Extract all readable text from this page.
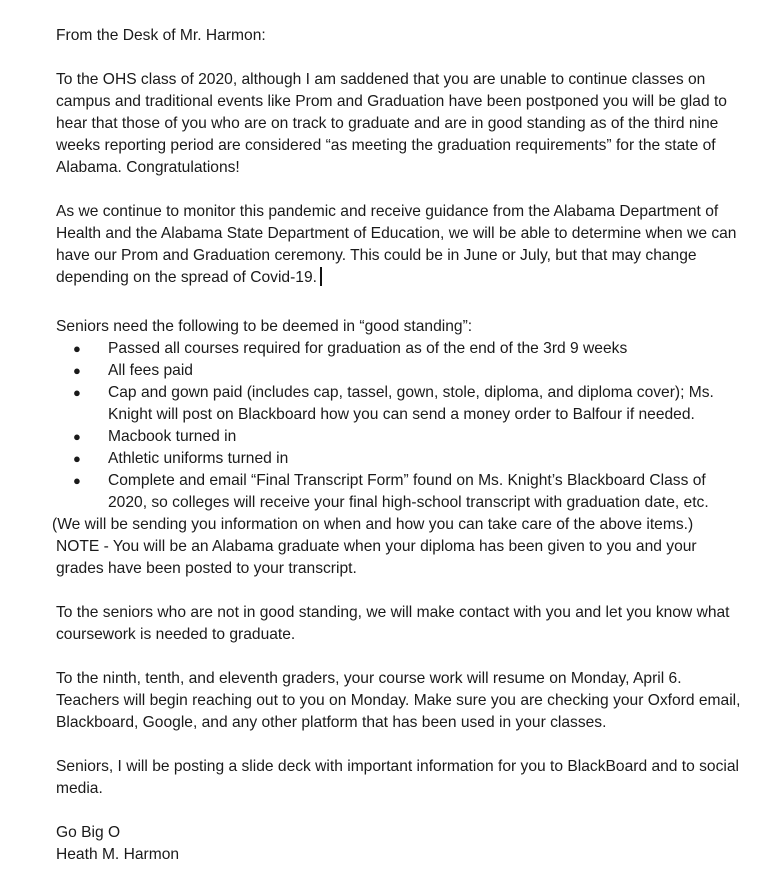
From the Desk of Mr. Harmon:

To the OHS class of 2020, although I am saddened that you are unable to continue classes on campus and traditional events like Prom and Graduation have been postponed you will be glad to hear that those of you who are on track to graduate and are in good standing as of the third nine weeks reporting period are considered “as meeting the graduation requirements” for the state of Alabama. Congratulations!

As we continue to monitor this pandemic and receive guidance from the Alabama Department of Health and the Alabama State Department of Education, we will be able to determine when we can have our Prom and Graduation ceremony. This could be in June or July, but that may change depending on the spread of Covid-19.

Seniors need the following to be deemed in “good standing”:

● Passed all courses required for graduation as of the end of the 3rd 9 weeks
● All fees paid
● Cap and gown paid (includes cap, tassel, gown, stole, diploma, and diploma cover); Ms. Knight will post on Blackboard how you can send a money order to Balfour if needed.
● Macbook turned in
● Athletic uniforms turned in
● Complete and email “Final Transcript Form” found on Ms. Knight’s Blackboard Class of 2020, so colleges will receive your final high-school transcript with graduation date, etc.

(We will be sending you information on when and how you can take care of the above items.)

NOTE - You will be an Alabama graduate when your diploma has been given to you and your grades have been posted to your transcript.

To the seniors who are not in good standing, we will make contact with you and let you know what coursework is needed to graduate.

To the ninth, tenth, and eleventh graders, your course work will resume on Monday, April 6. Teachers will begin reaching out to you on Monday. Make sure you are checking your Oxford email, Blackboard, Google, and any other platform that has been used in your classes.

Seniors, I will be posting a slide deck with important information for you to BlackBoard and to social media.

Go Big O

Heath M. Harmon
